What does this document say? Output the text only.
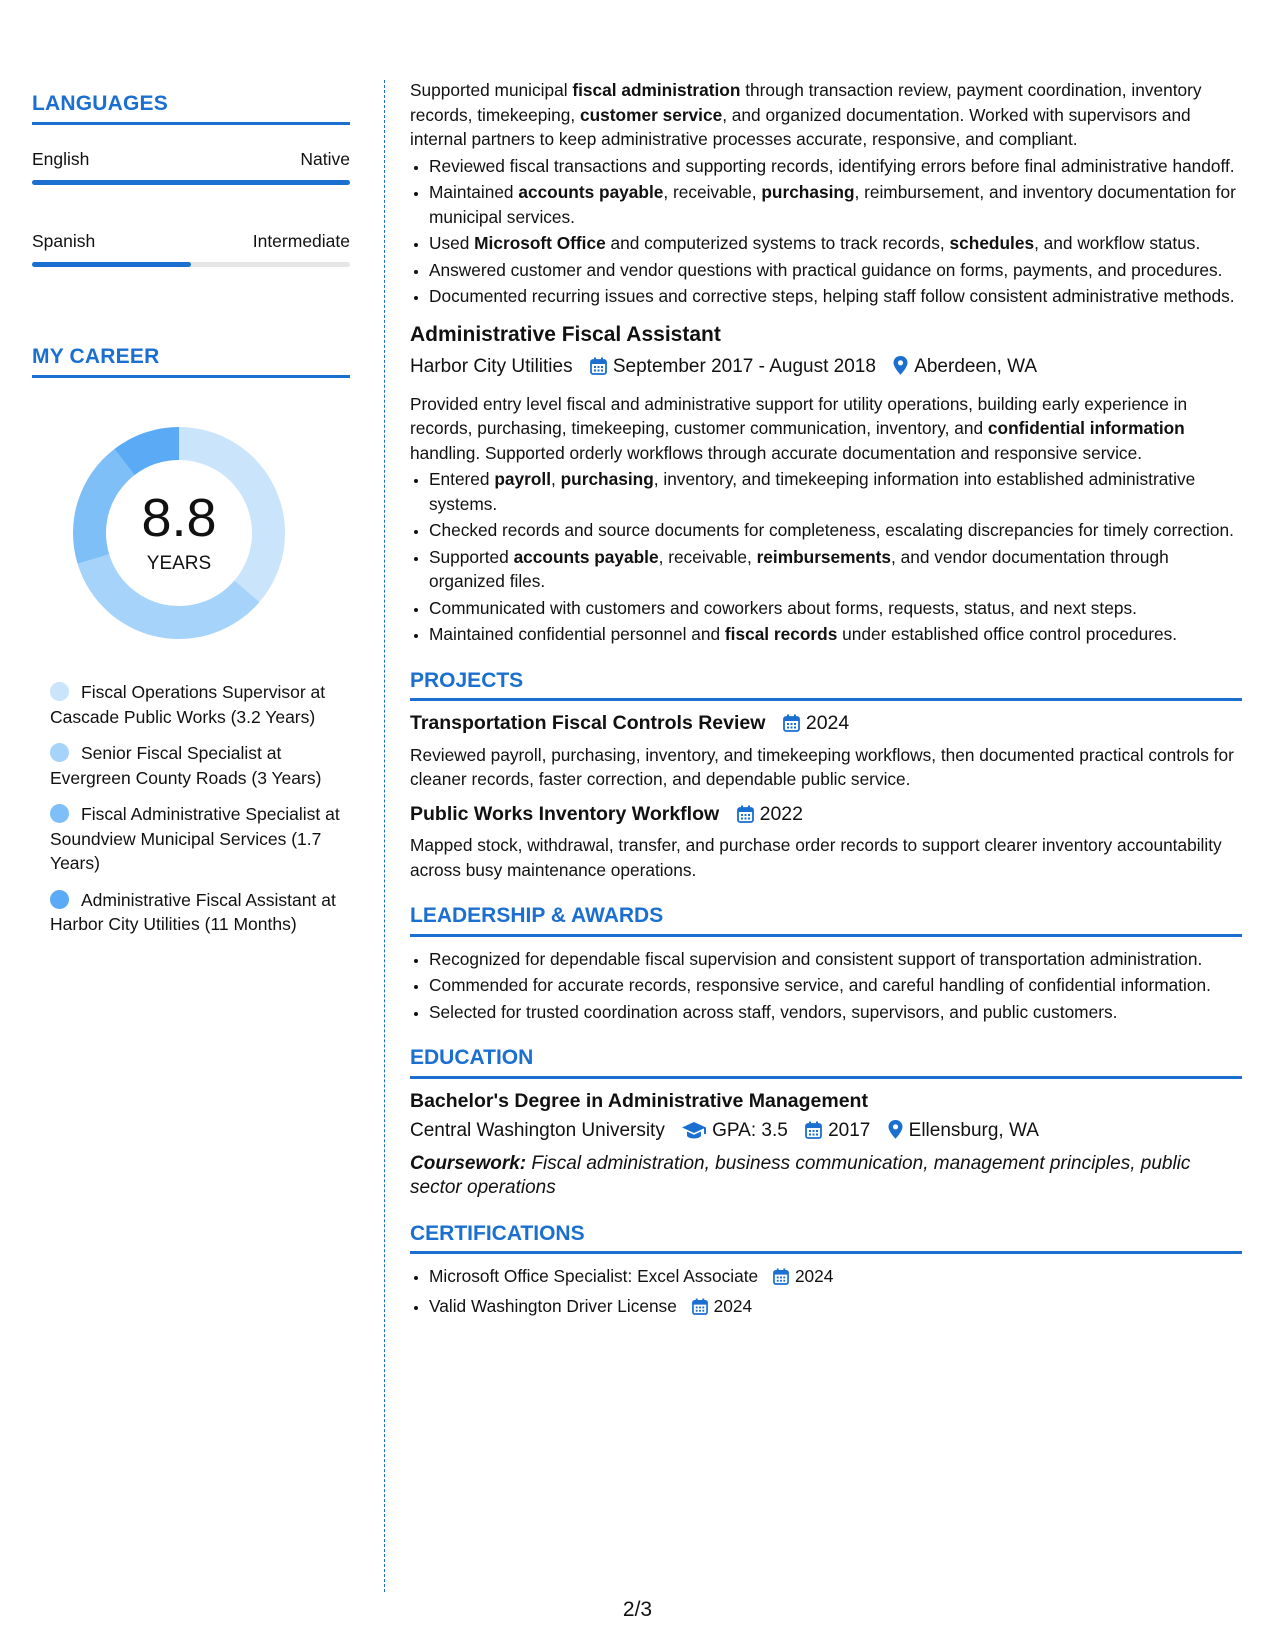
LANGUAGES
English	Native
Spanish	Intermediate
MY CAREER
8.8
YEARS
Fiscal Operations Supervisor at Cascade Public Works (3.2 Years)
Senior Fiscal Specialist at Evergreen County Roads (3 Years)
Fiscal Administrative Specialist at Soundview Municipal Services (1.7 Years)
Administrative Fiscal Assistant at Harbor City Utilities (11 Months)

Supported municipal fiscal administration through transaction review, payment coordination, inventory records, timekeeping, customer service, and organized documentation. Worked with supervisors and internal partners to keep administrative processes accurate, responsive, and compliant.

• Reviewed fiscal transactions and supporting records, identifying errors before final administrative handoff.
• Maintained accounts payable, receivable, purchasing, reimbursement, and inventory documentation for municipal services.
• Used Microsoft Office and computerized systems to track records, schedules, and workflow status.
• Answered customer and vendor questions with practical guidance on forms, payments, and procedures.
• Documented recurring issues and corrective steps, helping staff follow consistent administrative methods.
Administrative Fiscal Assistant
Harbor City Utilities September 2017 - August 2018 Aberdeen, WA

Provided entry level fiscal and administrative support for utility operations, building early experience in records, purchasing, timekeeping, customer communication, inventory, and confidential information handling. Supported orderly workflows through accurate documentation and responsive service.

• Entered payroll, purchasing, inventory, and timekeeping information into established administrative systems.
• Checked records and source documents for completeness, escalating discrepancies for timely correction.
• Supported accounts payable, receivable, reimbursements, and vendor documentation through organized files.
• Communicated with customers and coworkers about forms, requests, status, and next steps.
• Maintained confidential personnel and fiscal records under established office control procedures.
PROJECTS
Transportation Fiscal Controls Review 2024

Reviewed payroll, purchasing, inventory, and timekeeping workflows, then documented practical controls for cleaner records, faster correction, and dependable public service.

Public Works Inventory Workflow 2022

Mapped stock, withdrawal, transfer, and purchase order records to support clearer inventory accountability across busy maintenance operations.

LEADERSHIP & AWARDS
• Recognized for dependable fiscal supervision and consistent support of transportation administration.
• Commended for accurate records, responsive service, and careful handling of confidential information.
• Selected for trusted coordination across staff, vendors, supervisors, and public customers.
EDUCATION
Bachelor's Degree in Administrative Management
Central Washington University GPA: 3.5 2017 Ellensburg, WA
Coursework: Fiscal administration, business communication, management principles, public sector operations
CERTIFICATIONS
• Microsoft Office Specialist: Excel Associate 2024
• Valid Washington Driver License 2024
2/3
